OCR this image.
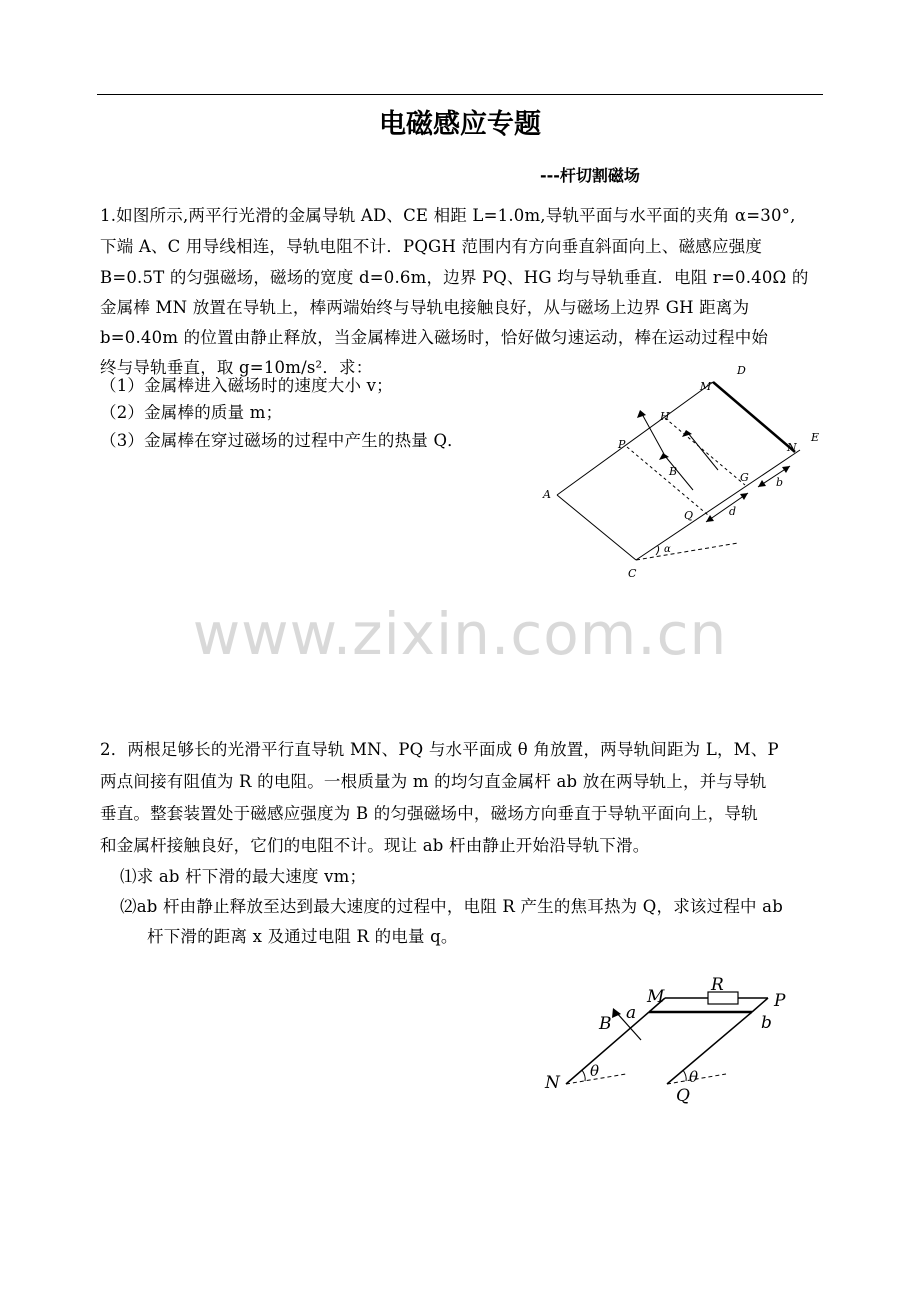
电磁感应专题
---杆切割磁场
1.如图所示,两平行光滑的金属导轨 AD、CE 相距 L=1.0m,导轨平面与水平面的夹角 α=30°,
下端 A、C 用导线相连，导轨电阻不计．PQGH 范围内有方向垂直斜面向上、磁感应强度
B=0.5T 的匀强磁场，磁场的宽度 d=0.6m，边界 PQ、HG 均与导轨垂直．电阻 r=0.40Ω 的
金属棒 MN 放置在导轨上，棒两端始终与导轨电接触良好，从与磁场上边界 GH 距离为
b=0.40m 的位置由静止释放，当金属棒进入磁场时，恰好做匀速运动，棒在运动过程中始
终与导轨垂直，取 g=10m/s²．求：
（1）金属棒进入磁场时的速度大小 v；
（2）金属棒的质量 m；
（3）金属棒在穿过磁场的过程中产生的热量 Q．
D
M
H
P	N
E
B	G b
A
Q	d
α
C
www.zixin.com.cn
2．两根足够长的光滑平行直导轨 MN、PQ 与水平面成 θ 角放置，两导轨间距为 L，M、P
两点间接有阻值为 R 的电阻。一根质量为 m 的均匀直金属杆 ab 放在两导轨上，并与导轨
垂直。整套装置处于磁感应强度为 B 的匀强磁场中，磁场方向垂直于导轨平面向上，导轨
和金属杆接触良好，它们的电阻不计。现让 ab 杆由静止开始沿导轨下滑。
⑴求 ab 杆下滑的最大速度 vm；
⑵ab 杆由静止释放至达到最大速度的过程中，电阻 R 产生的焦耳热为 Q，求该过程中 ab
杆下滑的距离 x 及通过电阻 R 的电量 q。
M
R
P
B
a	b
N
θ	θ
Q
